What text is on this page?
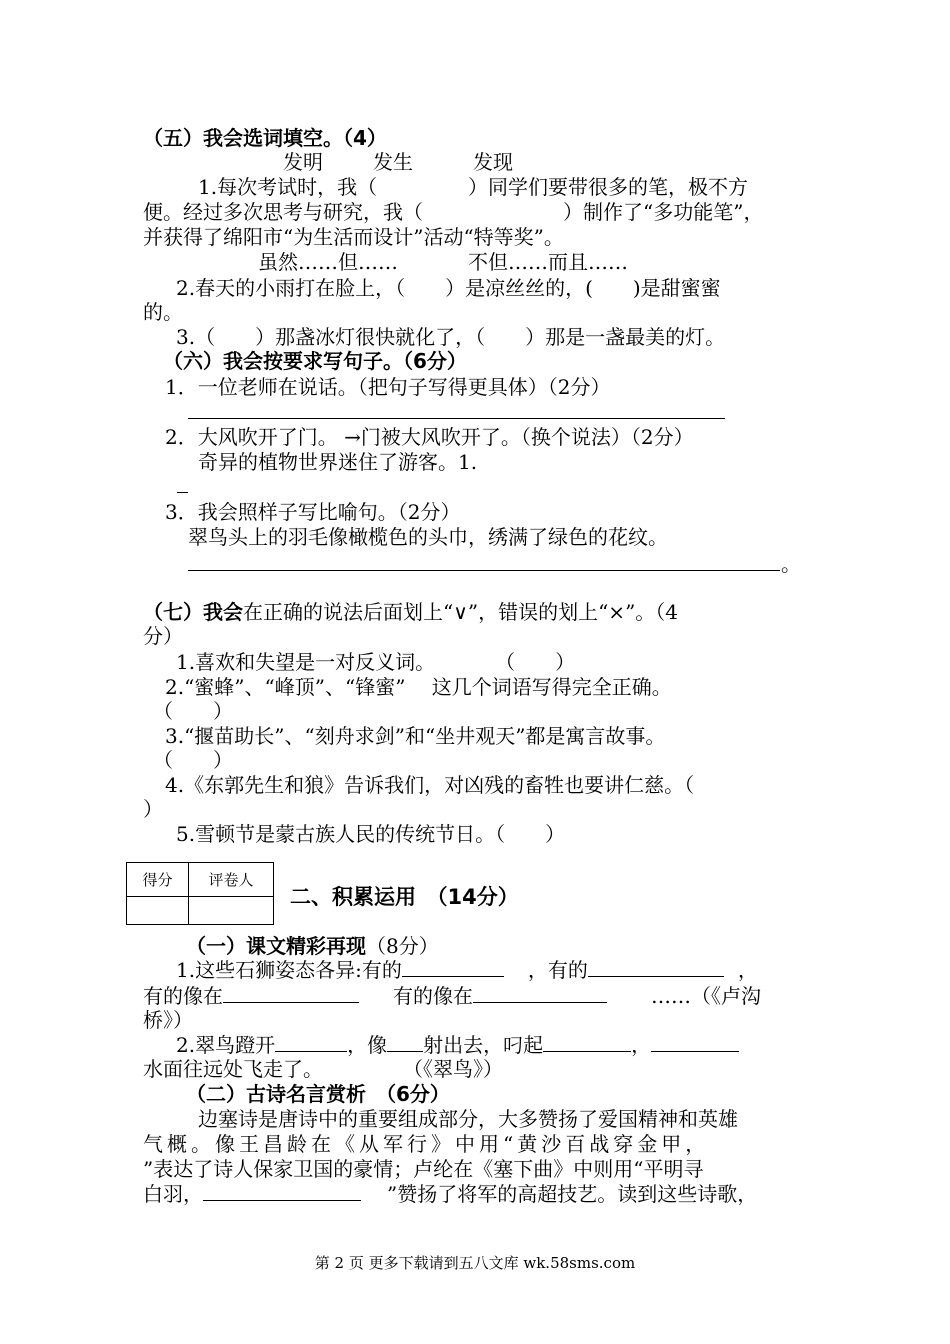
（五）我会选词填空。（4）
发明	发生	发现
1.每次考试时，我（	）同学们要带很多的笔，极不方
便。经过多次思考与研究，我（	）制作了“多功能笔”，
并获得了绵阳市“为生活而设计”活动“特等奖”。
虽然……但……	不但……而且……
2.春天的小雨打在脸上，（　　）是凉丝丝的，(　　)是甜蜜蜜
的。
3.（　　）那盏冰灯很快就化了，（　　）那是一盏最美的灯。
（六）我会按要求写句子。（6分）
1．一位老师在说话。（把句子写得更具体）（2分）
2．大风吹开了门。 →门被大风吹开了。（换个说法）（2分）
奇异的植物世界迷住了游客。1.
3．我会照样子写比喻句。（2分）
翠鸟头上的羽毛像橄榄色的头巾，绣满了绿色的花纹。
。
（七）我会在正确的说法后面划上“∨”，错误的划上“×”。（4
分）
1.喜欢和失望是一对反义词。　　　　（　　）
2.“蜜蜂”、“峰顶”、“锋蜜”　 这几个词语写得完全正确。
（　　）
3.“揠苗助长”、“刻舟求剑”和“坐井观天”都是寓言故事。
（　　）
4.《东郭先生和狼》告诉我们，对凶残的畜牲也要讲仁慈。（
）
5.雪顿节是蒙古族人民的传统节日。（　　）
得分	评卷人

二、积累运用　（14分）
（一）课文精彩再现（8分）
1.这些石狮姿态各异:有的	，有的	，
有的像在	有的像在	……（《卢沟
桥》）
2.翠鸟蹬开	，像 射出去，叼起	，
水面往远处飞走了。　　　　　（《翠鸟》）
（二）古诗名言赏析　（6分）
边塞诗是唐诗中的重要组成部分，大多赞扬了爱国精神和英雄
气概。像王昌龄在《从军行》中用“黄沙百战穿金甲，
”表达了诗人保家卫国的豪情；卢纶在《塞下曲》中则用“平明寻
白羽，	”赞扬了将军的高超技艺。读到这些诗歌，
第 2 页 更多下载请到五八文库 wk.58sms.com
